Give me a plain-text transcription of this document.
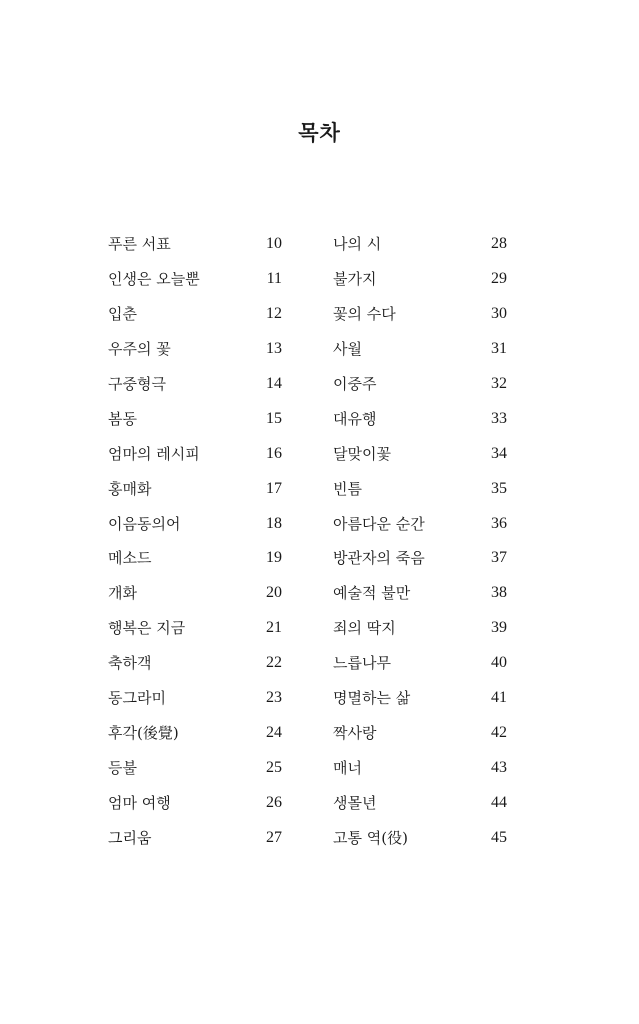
목차
푸른 서표	10
인생은 오늘뿐	11
입춘	12
우주의 꽃	13
구중형극	14
봄동	15
엄마의 레시피	16
홍매화	17
이음동의어	18
메소드	19
개화	20
행복은 지금	21
축하객	22
동그라미	23
후각(後覺)	24
등불	25
엄마 여행	26
그리움	27
나의 시	28
불가지	29
꽃의 수다	30
사월	31
이중주	32
대유행	33
달맞이꽃	34
빈틈	35
아름다운 순간	36
방관자의 죽음	37
예술적 불만	38
죄의 딱지	39
느릅나무	40
명멸하는 삶	41
짝사랑	42
매너	43
생몰년	44
고통 역(役)	45
